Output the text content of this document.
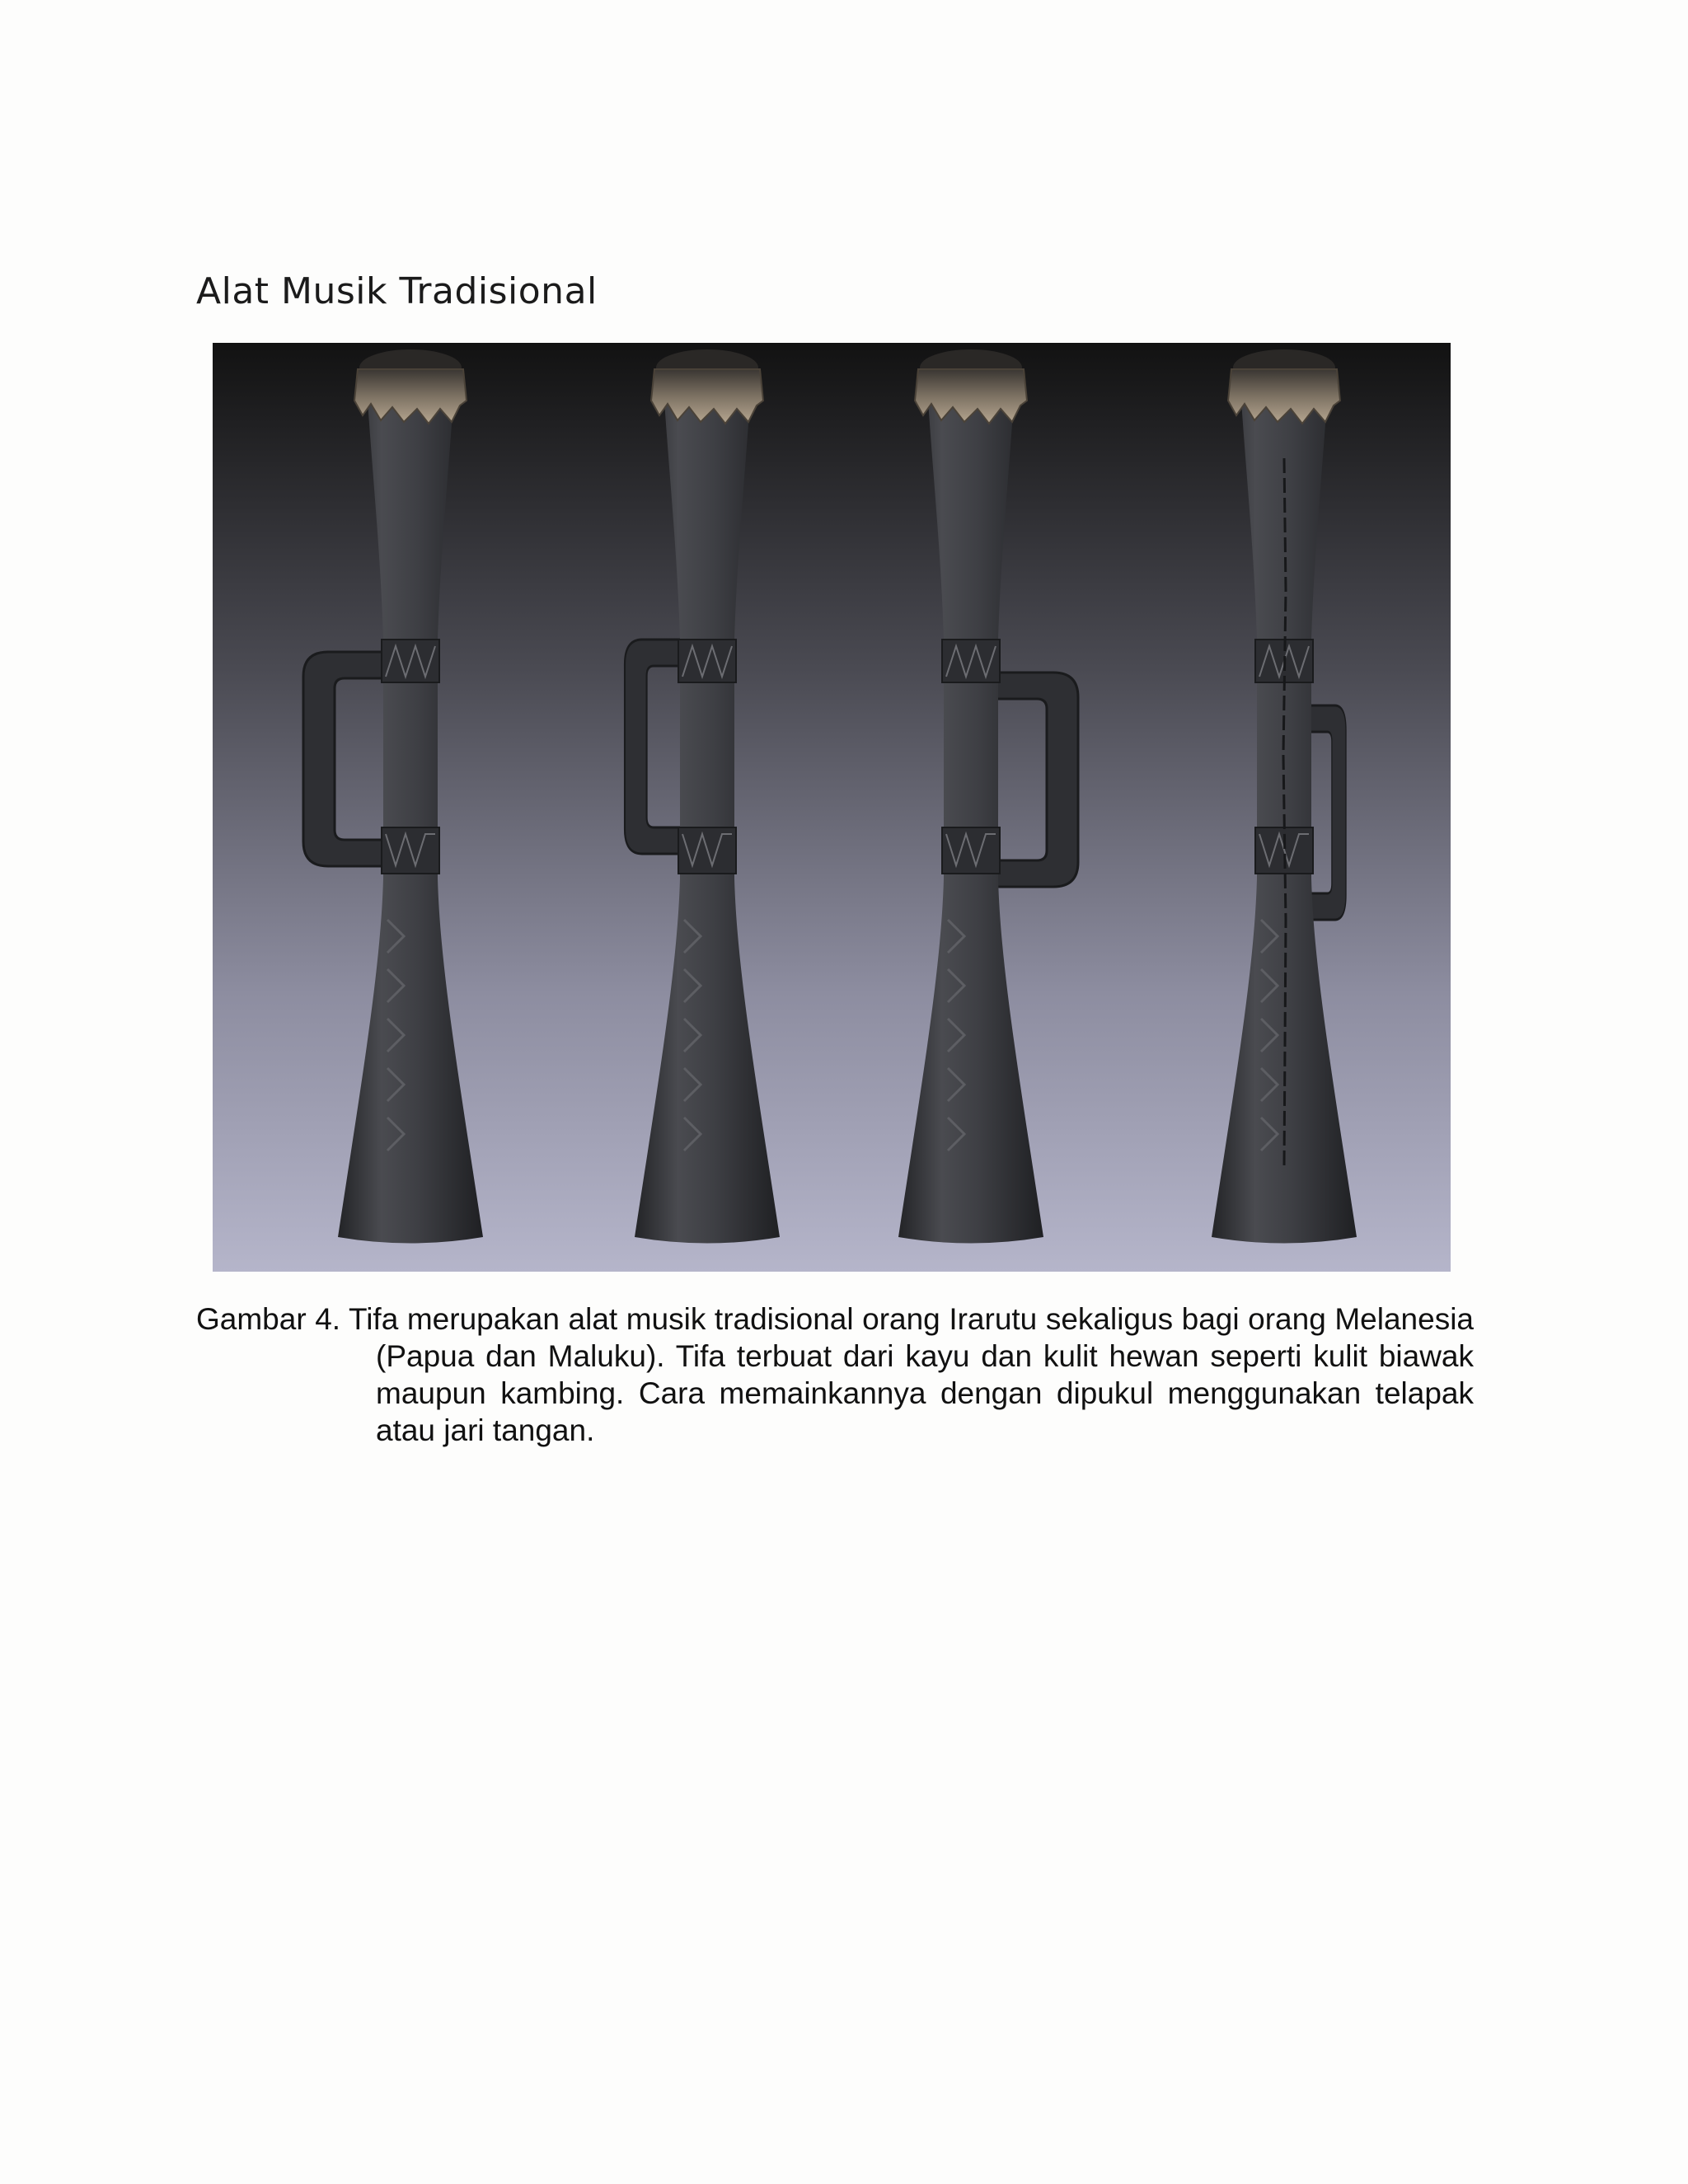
Alat Musik Tradisional
Gambar 4. Tifa merupakan alat musik tradisional orang Irarutu sekaligus bagi orang Melanesia (Papua dan Maluku). Tifa terbuat dari kayu dan kulit hewan seperti kulit biawak maupun kambing. Cara memainkannya dengan dipukul menggunakan telapak atau jari tangan.
